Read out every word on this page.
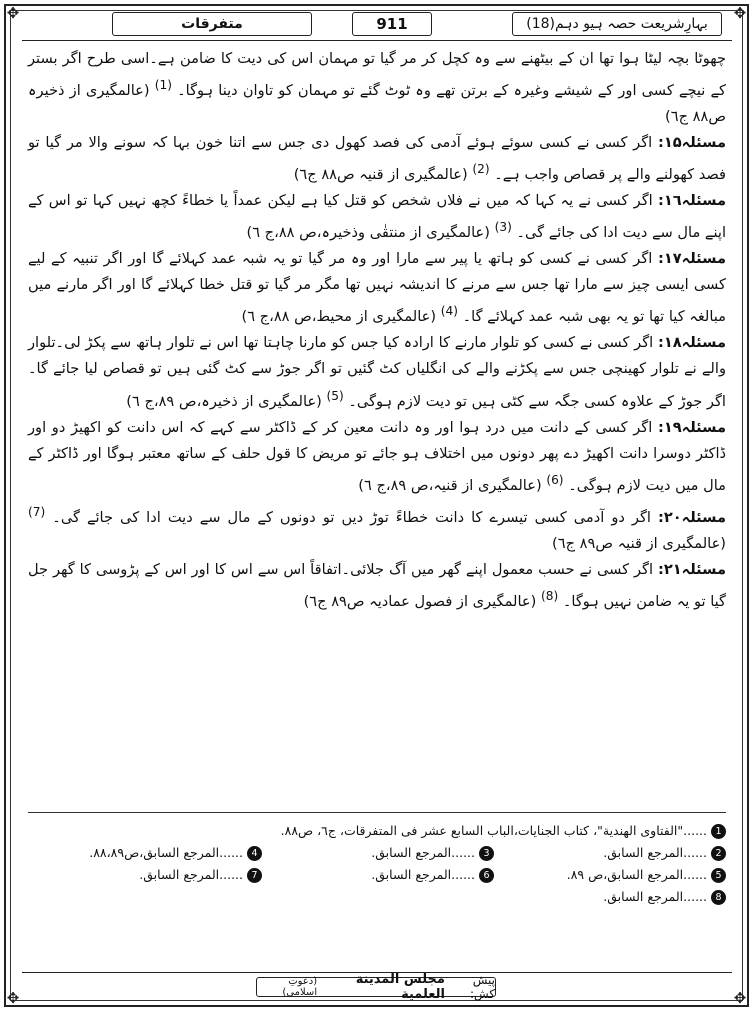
✥	✥
✥	✥
متفرقات	911	بہارِشریعت حصہ ہیو دہم(18)

چھوٹا بچہ لیٹا ہوا تھا ان کے بیٹھنے سے وہ کچل کر مر گیا تو مہمان اس کی دیت کا ضامن ہے۔اسی طرح اگر بستر کے نیچے کسی اور کے شیشے وغیرہ کے برتن تھے وہ ٹوٹ گئے تو مہمان کو تاوان دینا ہوگا۔ $^{(1)}$ (عالمگیری از ذخیرہ ص۸۸ ج٦)

مسئلہ۱۵: اگر کسی نے کسی سوئے ہوئے آدمی کی فصد کھول دی جس سے اتنا خون بہا کہ سونے والا مر گیا تو فصد کھولنے والے پر قصاص واجب ہے۔ $^{(2)}$ (عالمگیری از قنیہ ص۸۸ ج٦)

مسئلہ۱٦: اگر کسی نے یہ کہا کہ میں نے فلاں شخص کو قتل کیا ہے لیکن عمداً یا خطاءً کچھ نہیں کہا تو اس کے اپنے مال سے دیت ادا کی جائے گی۔ $^{(3)}$ (عالمگیری از منتقٰی وذخیرہ،ص ۸۸،ج ٦)

مسئلہ۱۷: اگر کسی نے کسی کو ہاتھ یا پیر سے مارا اور وہ مر گیا تو یہ شبہ عمد کہلائے گا اور اگر تنبیہ کے لیے کسی ایسی چیز سے مارا تھا جس سے مرنے کا اندیشہ نہیں تھا مگر مر گیا تو قتل خطا کہلائے گا اور اگر مارنے میں مبالغہ کیا تھا تو یہ بھی شبہ عمد کہلائے گا۔ $^{(4)}$ (عالمگیری از محیط،ص ۸۸،ج ٦)

مسئلہ۱۸: اگر کسی نے کسی کو تلوار مارنے کا ارادہ کیا جس کو مارنا چاہتا تھا اس نے تلوار ہاتھ سے پکڑ لی۔تلوار والے نے تلوار کھینچی جس سے پکڑنے والے کی انگلیاں کٹ گئیں تو اگر جوڑ سے کٹ گئی ہیں تو قصاص لیا جائے گا۔اگر جوڑ کے علاوہ کسی جگہ سے کٹی ہیں تو دیت لازم ہوگی۔ $^{(5)}$ (عالمگیری از ذخیرہ،ص ۸۹،ج ٦)

مسئلہ۱۹: اگر کسی کے دانت میں درد ہوا اور وہ دانت معین کر کے ڈاکٹر سے کہے کہ اس دانت کو اکھیڑ دو اور ڈاکٹر دوسرا دانت اکھیڑ دے پھر دونوں میں اختلاف ہو جائے تو مریض کا قول حلف کے ساتھ معتبر ہوگا اور ڈاکٹر کے مال میں دیت لازم ہوگی۔ $^{(6)}$ (عالمگیری از قنیہ،ص ۸۹،ج ٦)

مسئلہ۲۰: اگر دو آدمی کسی تیسرے کا دانت خطاءً توڑ دیں تو دونوں کے مال سے دیت ادا کی جائے گی۔ $^{(7)}$ (عالمگیری از قنیہ ص۸۹ ج٦)

مسئلہ۲۱: اگر کسی نے حسب معمول اپنے گھر میں آگ جلائی۔اتفاقاً اس سے اس کا اور اس کے پڑوسی کا گھر جل گیا تو یہ ضامن نہیں ہوگا۔ $^{(8)}$ (عالمگیری از فصول عمادیہ ص۸۹ ج٦)

1
......"الفتاوی الهندية"، کتاب الجنايات،الباب السابع عشر فی المتفرقات، ج٦، ص۸۸.
2
......المرجع السابق.
3
......المرجع السابق.
4
......المرجع السابق،ص۸۸،۸۹.
5
......المرجع السابق،ص ۸۹.
6
......المرجع السابق.
7
......المرجع السابق.
8
......المرجع السابق.
پیش کش:
مجلس المدینة العلمیة
(دعوتِ اسلامی)
